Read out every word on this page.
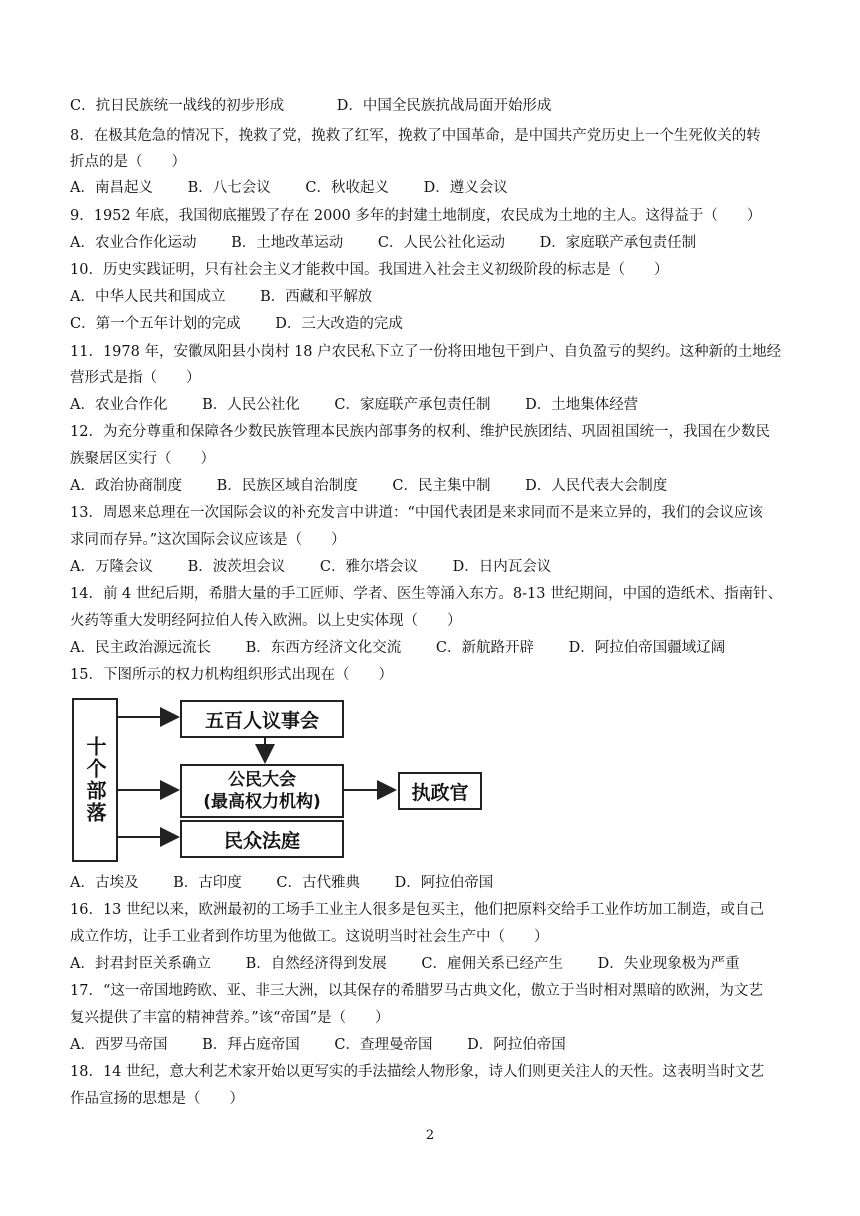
C．抗日民族统一战线的初步形成	D．中国全民族抗战局面开始形成
8．在极其危急的情况下，挽救了党，挽救了红军，挽救了中国革命，是中国共产党历史上一个生死攸关的转
折点的是（　　）
A．南昌起义 B．八七会议 C．秋收起义 D．遵义会议
9．1952 年底，我国彻底摧毁了存在 2000 多年的封建土地制度，农民成为土地的主人。这得益于（　　）
A．农业合作化运动 B．土地改革运动 C．人民公社化运动 D．家庭联产承包责任制
10．历史实践证明，只有社会主义才能救中国。我国进入社会主义初级阶段的标志是（　　）
A．中华人民共和国成立 B．西藏和平解放
C．第一个五年计划的完成 D．三大改造的完成
11．1978 年，安徽凤阳县小岗村 18 户农民私下立了一份将田地包干到户、自负盈亏的契约。这种新的土地经
营形式是指（　　）
A．农业合作化 B．人民公社化 C．家庭联产承包责任制 D．土地集体经营
12．为充分尊重和保障各少数民族管理本民族内部事务的权利、维护民族团结、巩固祖国统一，我国在少数民
族聚居区实行（　　）
A．政治协商制度 B．民族区域自治制度 C．民主集中制 D．人民代表大会制度
13．周恩来总理在一次国际会议的补充发言中讲道：“中国代表团是来求同而不是来立异的，我们的会议应该
求同而存异。”这次国际会议应该是（　　）
A．万隆会议 B．波茨坦会议 C．雅尔塔会议 D．日内瓦会议
14．前 4 世纪后期，希腊大量的手工匠师、学者、医生等涌入东方。8-13 世纪期间，中国的造纸术、指南针、
火药等重大发明经阿拉伯人传入欧洲。以上史实体现（　　）
A．民主政治源远流长 B．东西方经济文化交流 C．新航路开辟 D．阿拉伯帝国疆域辽阔
15．下图所示的权力机构组织形式出现在（　　）
十个部落
五百人议事会
公民大会
(最高权力机构)	执政官
民众法庭
A．古埃及 B．古印度 C．古代雅典 D．阿拉伯帝国
16．13 世纪以来，欧洲最初的工场手工业主人很多是包买主，他们把原料交给手工业作坊加工制造，或自己
成立作坊，让手工业者到作坊里为他做工。这说明当时社会生产中（　　）
A．封君封臣关系确立 B．自然经济得到发展 C．雇佣关系已经产生 D．失业现象极为严重
17．“这一帝国地跨欧、亚、非三大洲，以其保存的希腊罗马古典文化，傲立于当时相对黑暗的欧洲，为文艺
复兴提供了丰富的精神营养。”该“帝国”是（　　）
A．西罗马帝国 B．拜占庭帝国 C．查理曼帝国 D．阿拉伯帝国
18．14 世纪，意大利艺术家开始以更写实的手法描绘人物形象，诗人们则更关注人的天性。这表明当时文艺
作品宣扬的思想是（　　）
2
